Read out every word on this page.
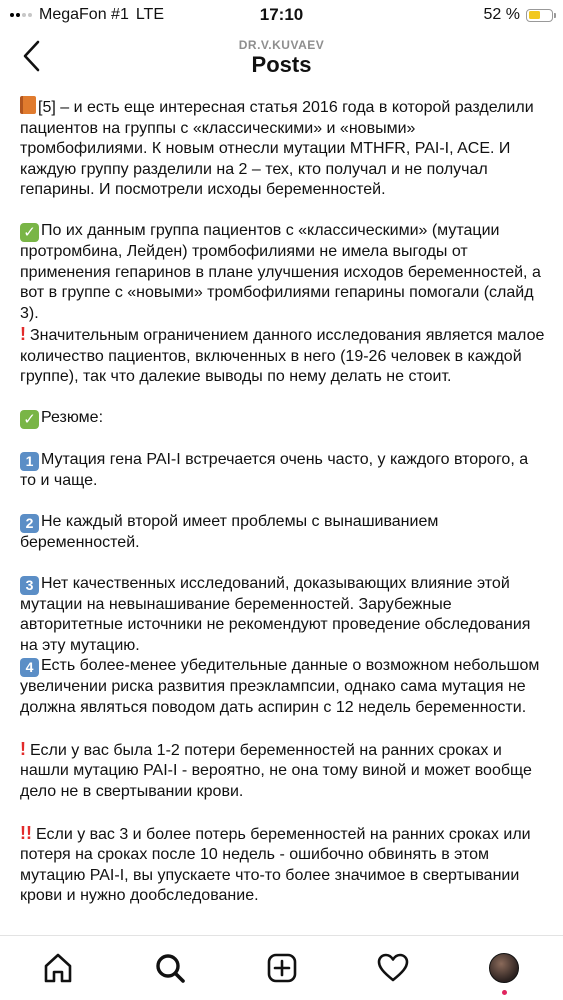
MegaFon #1 LTE	17:10	52 %
DR.V.KUVAEV
Posts
[5] – и есть еще интересная статья 2016 года в которой разделили пациентов на группы с «классическими» и «новыми» тромбофилиями. К новым отнесли мутации MTHFR, PAI-I, ACE. И каждую группу разделили на 2 – тех, кто получал и не получал гепарины. И посмотрели исходы беременностей.
✓ По их данным группа пациентов с «классическими» (мутации протромбина, Лейден) тромбофилиями не имела выгоды от применения гепаринов в плане улучшения исходов беременностей, а вот в группе с «новыми» тромбофилиями гепарины помогали (слайд 3).
! Значительным ограничением данного исследования является малое количество пациентов, включенных в него (19-26 человек в каждой группе), так что далекие выводы по нему делать не стоит.
✓ Резюме:
1 Мутация гена PAI-I встречается очень часто, у каждого второго, а то и чаще.
2 Не каждый второй имеет проблемы с вынашиванием беременностей.
3 Нет качественных исследований, доказывающих влияние этой мутации на невынашивание беременностей. Зарубежные авторитетные источники не рекомендуют проведение обследования на эту мутацию.
4 Есть более-менее убедительные данные о возможном небольшом увеличении риска развития преэклампсии, однако сама мутация не должна являться поводом дать аспирин с 12 недель беременности.
! Если у вас была 1-2 потери беременностей на ранних сроках и нашли мутацию PAI-I - вероятно, не она тому виной и может вообще дело не в свертывании крови.
!! Если у вас 3 и более потерь беременностей на ранних сроках или потеря на сроках после 10 недель - ошибочно обвинять в этом мутацию PAI-I, вы упускаете что-то более значимое в свертывании крови и нужно дообследование.
